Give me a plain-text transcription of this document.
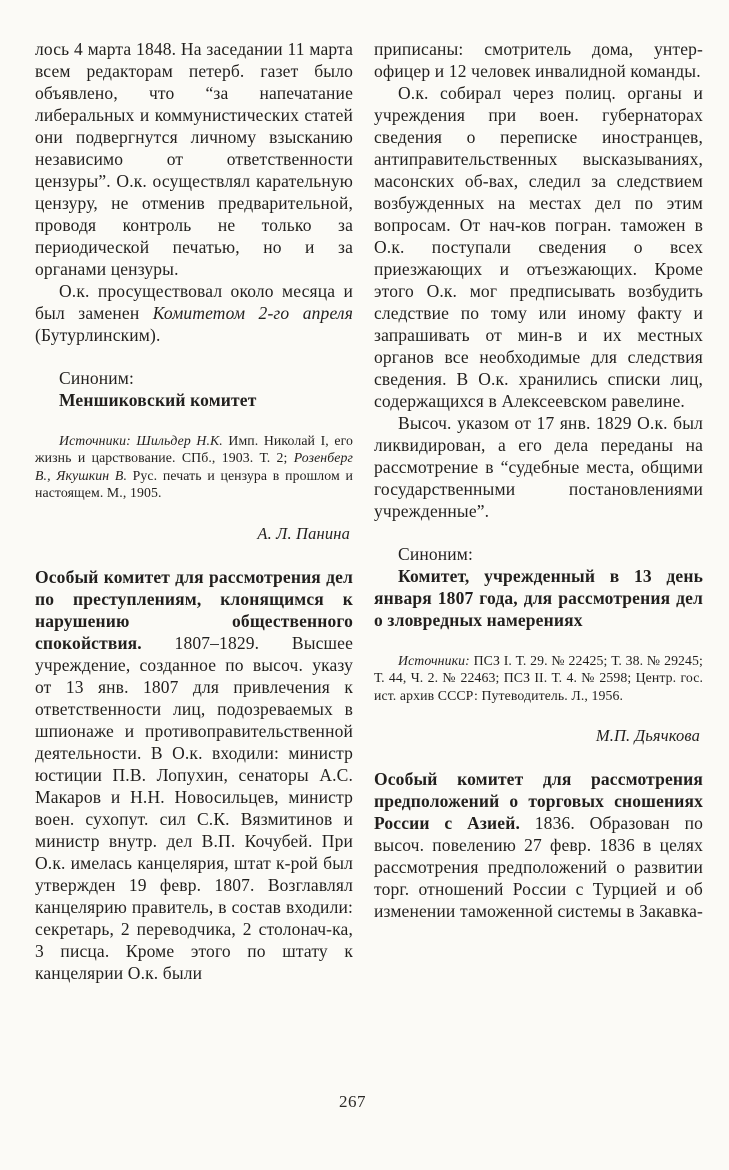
лось 4 марта 1848. На заседании 11 марта всем редакторам петерб. газет было объявлено, что “за напечатание либеральных и коммунистических статей они подвергнутся личному взысканию независимо от ответственности цензуры”. О.к. осуществлял карательную цензуру, не отменив предварительной, проводя контроль не только за периодической печатью, но и за органами цензуры.

О.к. просуществовал около месяца и был заменен Комитетом 2-го апреля (Бутурлинским).

Синоним:

Меншиковский комитет

Источники: Шильдер Н.К. Имп. Николай I, его жизнь и царствование. СПб., 1903. Т. 2; Розенберг В., Якушкин В. Рус. печать и цензура в прошлом и настоящем. М., 1905.

А. Л. Панина

Особый комитет для рассмотрения дел по преступлениям, клонящимся к нарушению общественного спокойствия. 1807–1829. Высшее учреждение, созданное по высоч. указу от 13 янв. 1807 для привлечения к ответственности лиц, подозреваемых в шпионаже и противоправительственной деятельности. В О.к. входили: министр юстиции П.В. Лопухин, сенаторы А.С. Макаров и Н.Н. Новосильцев, министр воен. сухопут. сил С.К. Вязмитинов и министр внутр. дел В.П. Кочубей. При О.к. имелась канцелярия, штат к-рой был утвержден 19 февр. 1807. Возглавлял канцелярию правитель, в состав входили: секретарь, 2 переводчика, 2 столонач-ка, 3 писца. Кроме этого по штату к канцелярии О.к. были

приписаны: смотритель дома, унтер-офицер и 12 человек инвалидной команды.

О.к. собирал через полиц. органы и учреждения при воен. губернаторах сведения о переписке иностранцев, антиправительственных высказываниях, масонских об-вах, следил за следствием возбужденных на местах дел по этим вопросам. От нач-ков погран. таможен в О.к. поступали сведения о всех приезжающих и отъезжающих. Кроме этого О.к. мог предписывать возбудить следствие по тому или иному факту и запрашивать от мин-в и их местных органов все необходимые для следствия сведения. В О.к. хранились списки лиц, содержащихся в Алексеевском равелине.

Высоч. указом от 17 янв. 1829 О.к. был ликвидирован, а его дела переданы на рассмотрение в “судебные места, общими государственными постановлениями учрежденные”.

Синоним:

Комитет, учрежденный в 13 день января 1807 года, для рассмотрения дел о зловредных намерениях

Источники: ПСЗ I. Т. 29. № 22425; Т. 38. № 29245; Т. 44, Ч. 2. № 22463; ПСЗ II. Т. 4. № 2598; Центр. гос. ист. архив СССР: Путеводитель. Л., 1956.

М.П. Дьячкова

Особый комитет для рассмотрения предположений о торговых сношениях России с Азией. 1836. Образован по высоч. повелению 27 февр. 1836 в целях рассмотрения предположений о развитии торг. отношений России с Турцией и об изменении таможенной системы в Закавка-

267
